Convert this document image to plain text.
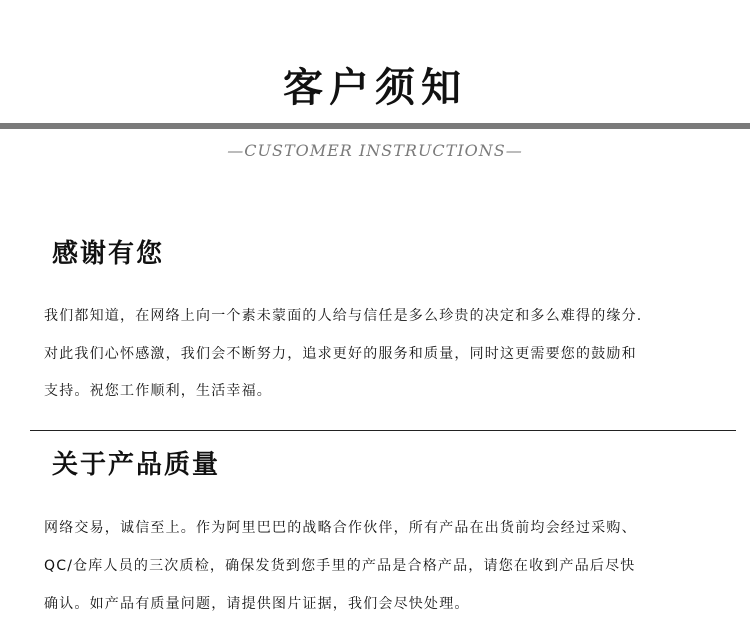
客户须知
—CUSTOMER INSTRUCTIONS—
感谢有您
我们都知道，在网络上向一个素未蒙面的人给与信任是多么珍贵的决定和多么难得的缘分.
对此我们心怀感激，我们会不断努力，追求更好的服务和质量，同时这更需要您的鼓励和
支持。祝您工作顺利，生活幸福。
关于产品质量
网络交易，诚信至上。作为阿里巴巴的战略合作伙伴，所有产品在出货前均会经过采购、
QC/仓库人员的三次质检，确保发货到您手里的产品是合格产品，请您在收到产品后尽快
确认。如产品有质量问题，请提供图片证据，我们会尽快处理。
